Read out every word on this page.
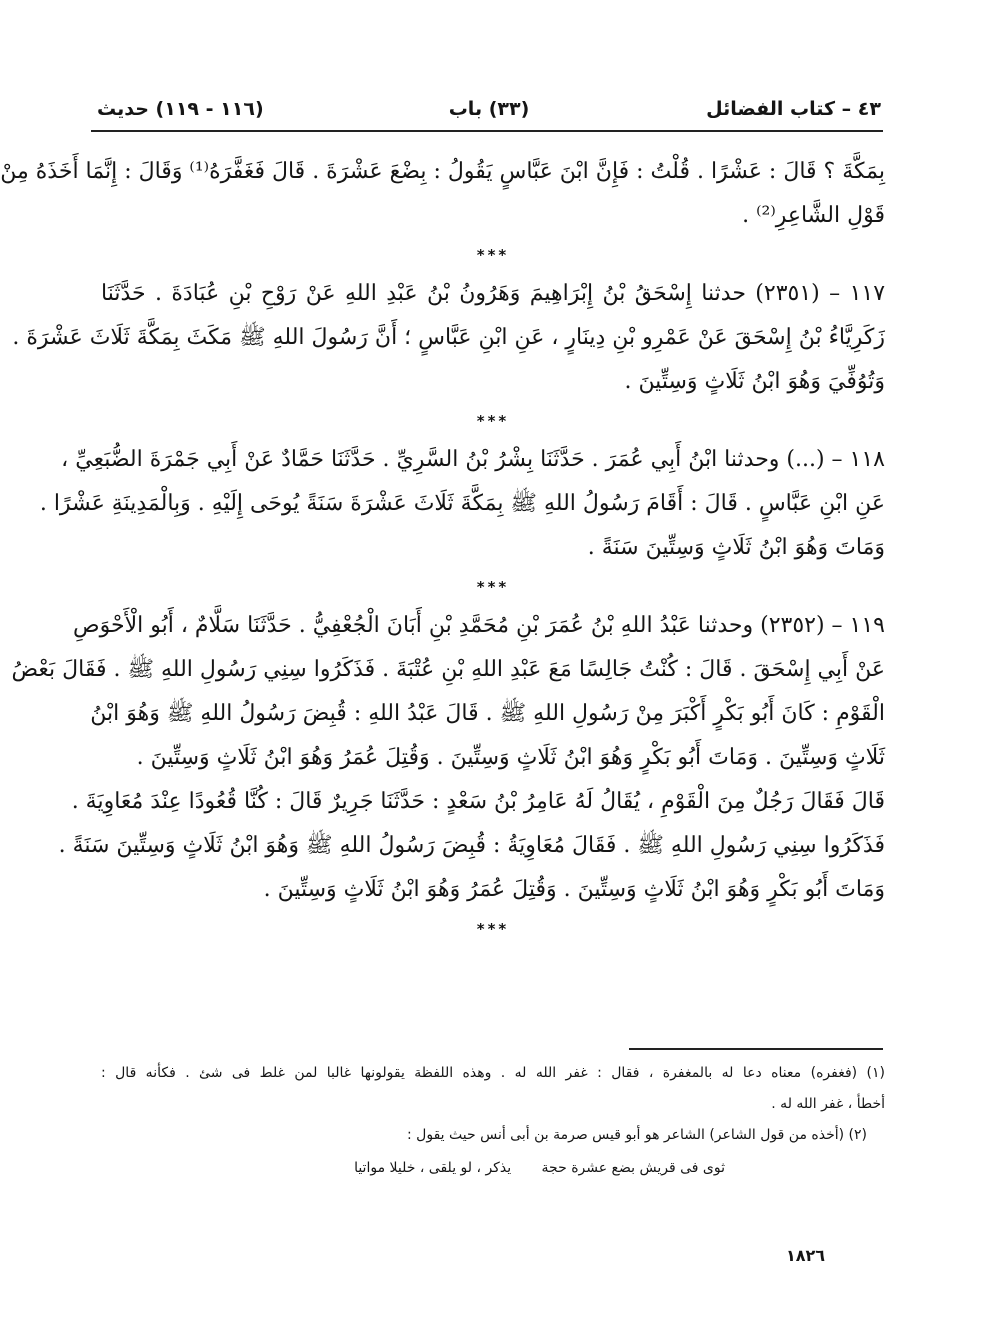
٤٣ – كتاب الفضائل
(٣٣) باب
(١١٦ - ١١٩) حديث
بِمَكَّةَ ؟ قَالَ : عَشْرًا . قُلْتُ : فَإِنَّ ابْنَ عَبَّاسٍ يَقُولُ : بِضْعَ عَشْرَةَ . قَالَ فَغَفَّرَهُ⁽¹⁾ وَقَالَ : إِنَّمَا أَخَذَهُ مِنْ
قَوْلِ الشَّاعِرِ⁽²⁾ .
***
١١٧ – (٢٣٥١) حدثنا إِسْحَقُ بْنُ إِبْرَاهِيمَ وَهَرُونُ بْنُ عَبْدِ اللهِ عَنْ رَوْحِ بْنِ عُبَادَةَ . حَدَّثَنَا
زَكَرِيَّاءُ بْنُ إِسْحَقَ عَنْ عَمْرِو بْنِ دِينَارٍ ، عَنِ ابْنِ عَبَّاسٍ ؛ أَنَّ رَسُولَ اللهِ ﷺ مَكَثَ بِمَكَّةَ ثَلَاثَ عَشْرَةَ .
وَتُوُفِّيَ وَهُوَ ابْنُ ثَلَاثٍ وَسِتِّينَ .
***
١١٨ – (...) وحدثنا ابْنُ أَبِي عُمَرَ . حَدَّثَنَا بِشْرُ بْنُ السَّرِيِّ . حَدَّثَنَا حَمَّادٌ عَنْ أَبِي جَمْرَةَ الضُّبَعِيِّ ،
عَنِ ابْنِ عَبَّاسٍ . قَالَ : أَقَامَ رَسُولُ اللهِ ﷺ بِمَكَّةَ ثَلَاثَ عَشْرَةَ سَنَةً يُوحَى إِلَيْهِ . وَبِالْمَدِينَةِ عَشْرًا .
وَمَاتَ وَهُوَ ابْنُ ثَلَاثٍ وَسِتِّينَ سَنَةً .
***
١١٩ – (٢٣٥٢) وحدثنا عَبْدُ اللهِ بْنُ عُمَرَ بْنِ مُحَمَّدِ بْنِ أَبَانَ الْجُعْفِيُّ . حَدَّثَنَا سَلَّامٌ ، أَبُو الْأَحْوَصِ
عَنْ أَبِي إِسْحَقَ . قَالَ : كُنْتُ جَالِسًا مَعَ عَبْدِ اللهِ بْنِ عُتْبَةَ . فَذَكَرُوا سِنِي رَسُولِ اللهِ ﷺ . فَقَالَ بَعْضُ
الْقَوْمِ : كَانَ أَبُو بَكْرٍ أَكْبَرَ مِنْ رَسُولِ اللهِ ﷺ . قَالَ عَبْدُ اللهِ : قُبِضَ رَسُولُ اللهِ ﷺ وَهُوَ ابْنُ
ثَلَاثٍ وَسِتِّينَ . وَمَاتَ أَبُو بَكْرٍ وَهُوَ ابْنُ ثَلَاثٍ وَسِتِّينَ . وَقُتِلَ عُمَرُ وَهُوَ ابْنُ ثَلَاثٍ وَسِتِّينَ .
قَالَ فَقَالَ رَجُلٌ مِنَ الْقَوْمِ ، يُقَالُ لَهُ عَامِرُ بْنُ سَعْدٍ : حَدَّثَنَا جَرِيرٌ قَالَ : كُنَّا قُعُودًا عِنْدَ مُعَاوِيَةَ .
فَذَكَرُوا سِنِي رَسُولِ اللهِ ﷺ . فَقَالَ مُعَاوِيَةُ : قُبِضَ رَسُولُ اللهِ ﷺ وَهُوَ ابْنُ ثَلَاثٍ وَسِتِّينَ سَنَةً .
وَمَاتَ أَبُو بَكْرٍ وَهُوَ ابْنُ ثَلَاثٍ وَسِتِّينَ . وَقُتِلَ عُمَرُ وَهُوَ ابْنُ ثَلَاثٍ وَسِتِّينَ .
***
(١) (فغفره) معناه دعا له بالمغفرة ، فقال : غفر الله له . وهذه اللفظة يقولونها غالبا لمن غلط فى شئ . فكأنه قال :
أخطأ ، غفر الله له .
(٢) (أخذه من قول الشاعر) الشاعر هو أبو قيس صرمة بن أبى أنس حيث يقول :
ثوى فى قريش بضع عشرة حجة يذكر ، لو يلقى ، خليلا مواتيا
١٨٢٦
